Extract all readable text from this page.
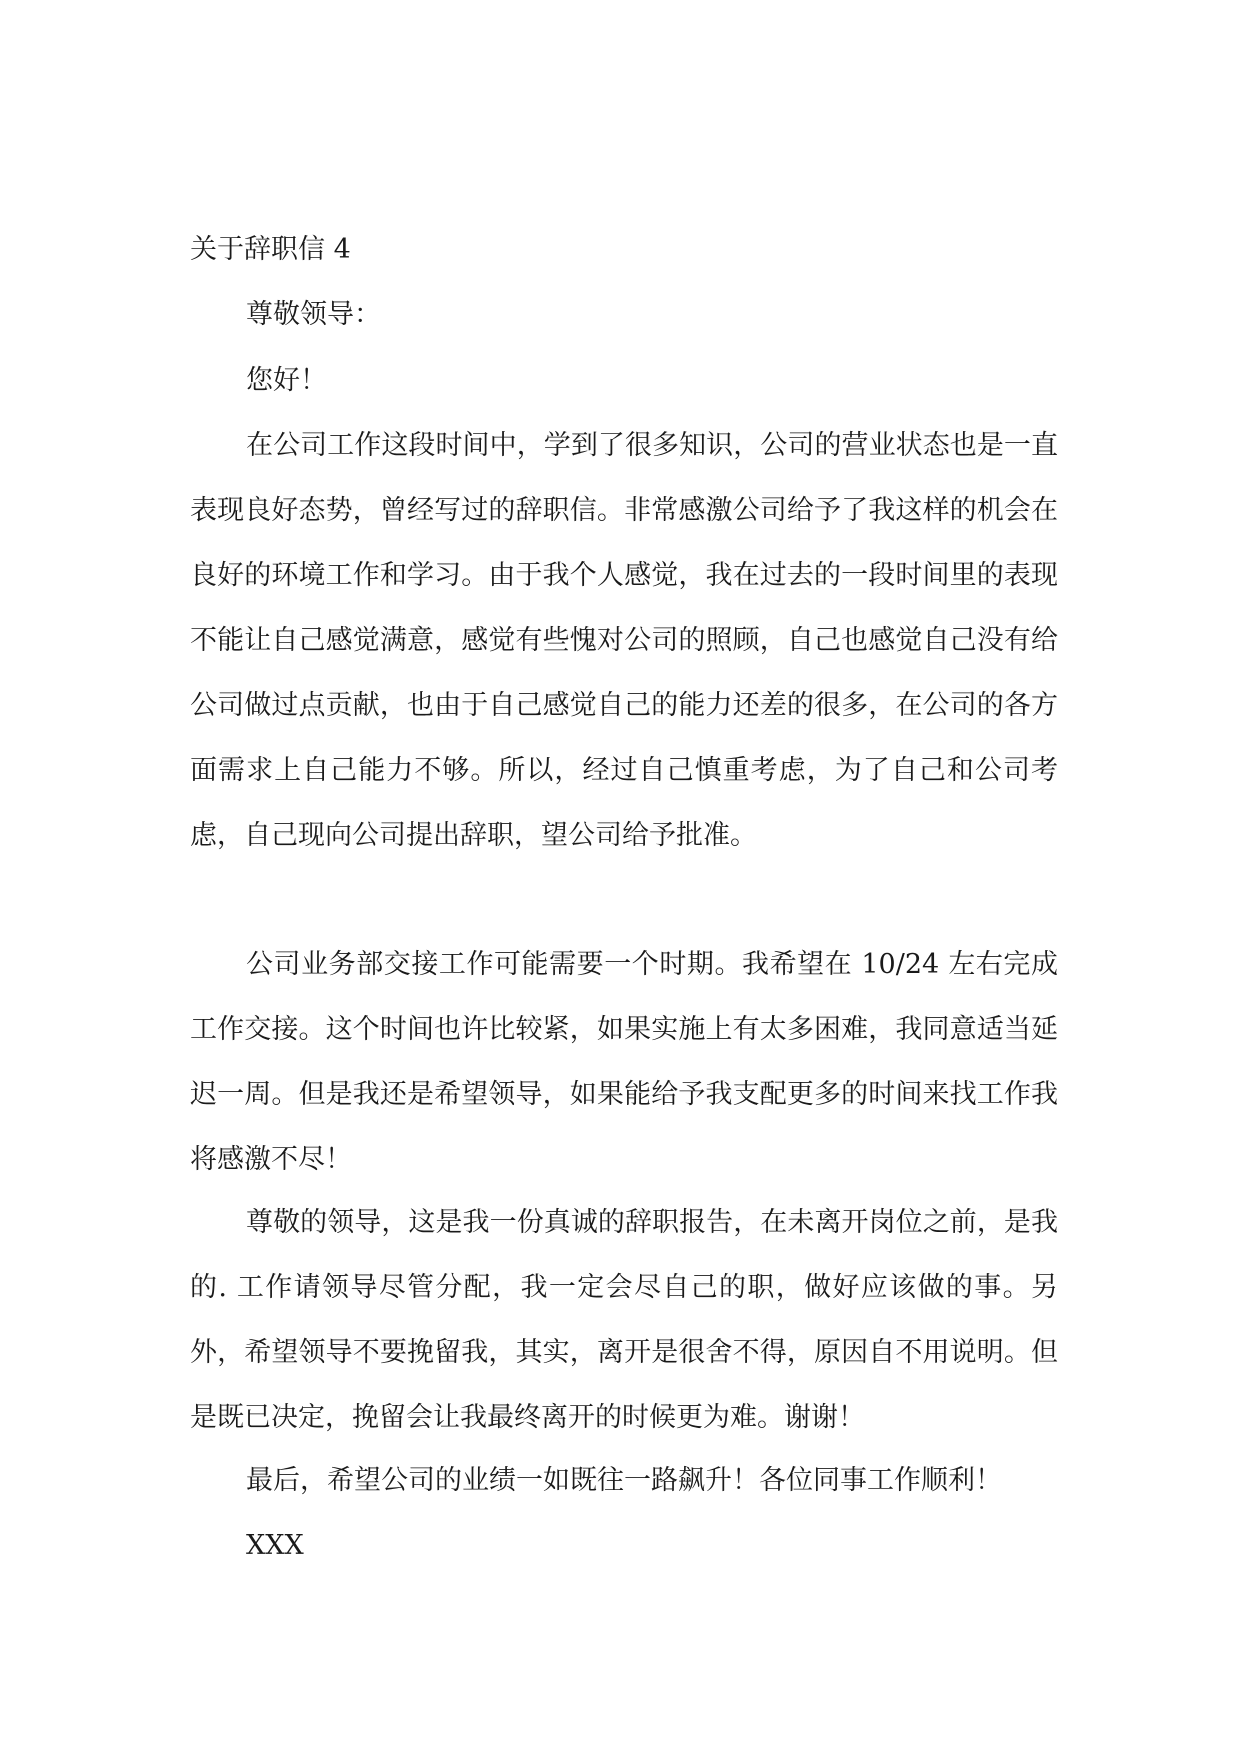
关于辞职信 4

尊敬领导：

您好！

在公司工作这段时间中，学到了很多知识，公司的营业状态也是一直表现良好态势，曾经写过的辞职信。非常感激公司给予了我这样的机会在良好的环境工作和学习。由于我个人感觉，我在过去的一段时间里的表现不能让自己感觉满意，感觉有些愧对公司的照顾，自己也感觉自己没有给公司做过点贡献，也由于自己感觉自己的能力还差的很多，在公司的各方面需求上自己能力不够。所以，经过自己慎重考虑，为了自己和公司考虑，自己现向公司提出辞职，望公司给予批准。

公司业务部交接工作可能需要一个时期。我希望在 10/24 左右完成工作交接。这个时间也许比较紧，如果实施上有太多困难，我同意适当延迟一周。但是我还是希望领导，如果能给予我支配更多的时间来找工作我将感激不尽！

尊敬的领导，这是我一份真诚的辞职报告，在未离开岗位之前，是我的. 工作请领导尽管分配，我一定会尽自己的职，做好应该做的事。另外，希望领导不要挽留我，其实，离开是很舍不得，原因自不用说明。但是既已决定，挽留会让我最终离开的时候更为难。谢谢！

最后，希望公司的业绩一如既往一路飙升！各位同事工作顺利！

XXX
